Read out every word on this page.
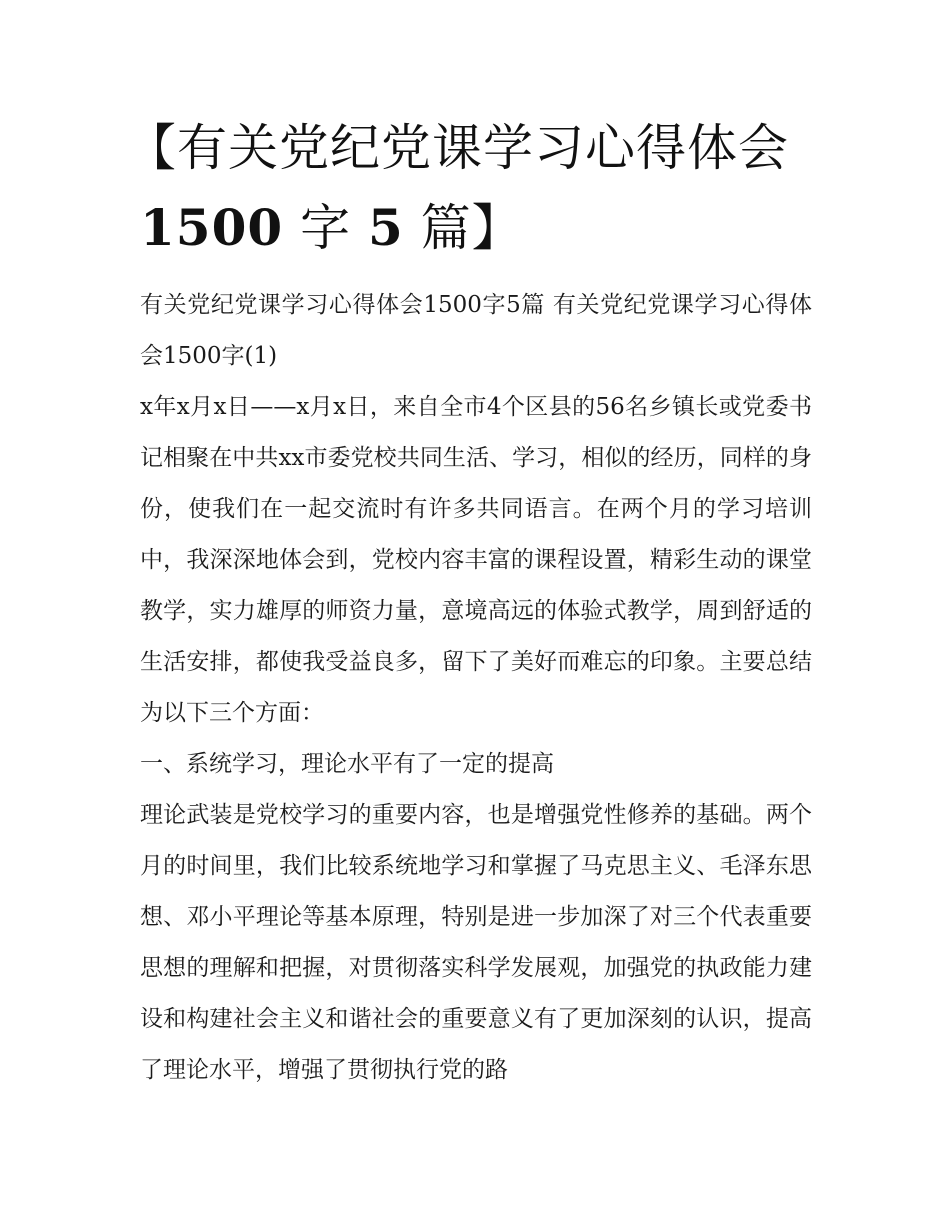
【有关党纪党课学习心得体会
1500 字 5 篇】

有关党纪党课学习心得体会1500字5篇 有关党纪党课学习心得体会1500字(1)

x年x月x日——x月x日，来自全市4个区县的56名乡镇长或党委书记相聚在中共xx市委党校共同生活、学习，相似的经历，同样的身份，使我们在一起交流时有许多共同语言。在两个月的学习培训中，我深深地体会到，党校内容丰富的课程设置，精彩生动的课堂教学，实力雄厚的师资力量，意境高远的体验式教学，周到舒适的生活安排，都使我受益良多，留下了美好而难忘的印象。主要总结为以下三个方面：

一、系统学习，理论水平有了一定的提高

理论武装是党校学习的重要内容，也是增强党性修养的基础。两个月的时间里，我们比较系统地学习和掌握了马克思主义、毛泽东思想、邓小平理论等基本原理，特别是进一步加深了对三个代表重要思想的理解和把握，对贯彻落实科学发展观，加强党的执政能力建设和构建社会主义和谐社会的重要意义有了更加深刻的认识，提高了理论水平，增强了贯彻执行党的路
